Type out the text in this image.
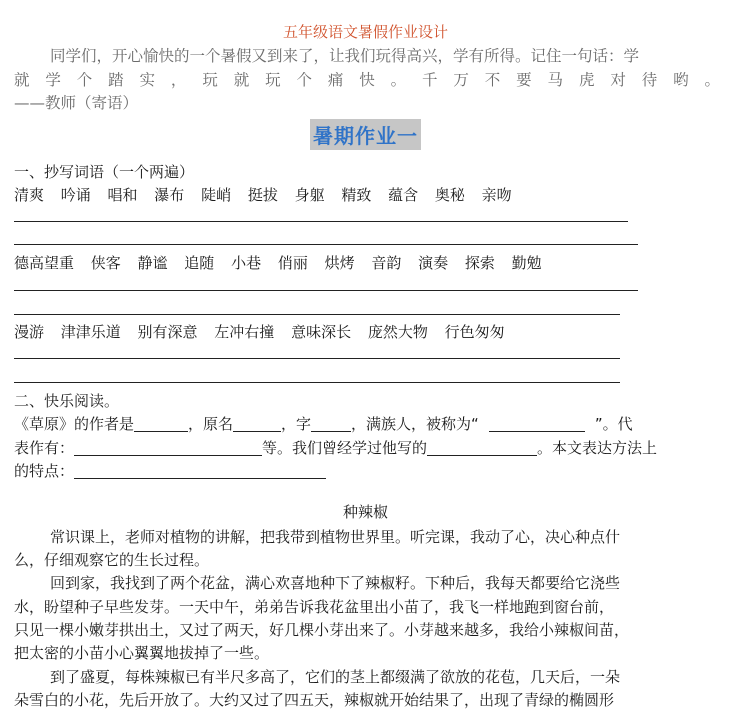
五年级语文暑假作业设计
同学们，开心愉快的一个暑假又到来了，让我们玩得高兴，学有所得。记住一句话：学
就 学 个 踏 实 ， 玩 就 玩 个 痛 快 。 千 万 不 要 马 虎 对 待 哟 。
——教师（寄语）
暑期作业一
一、抄写词语（一个两遍）
清爽 吟诵 唱和 瀑布 陡峭 挺拔 身躯 精致 蕴含 奥秘 亲吻
德高望重 侠客 静谧 追随 小巷 俏丽 烘烤 音韵 演奏 探索 勤勉
漫游 津津乐道 别有深意 左冲右撞 意味深长 庞然大物 行色匆匆
二、快乐阅读。
《草原》的作者是	，原名	，字	，满族人，被称为“	”。代
表作有：	等。我们曾经学过他写的	。本文表达方法上
的特点：
种辣椒
常识课上，老师对植物的讲解，把我带到植物世界里。听完课，我动了心，决心种点什
么，仔细观察它的生长过程。
回到家，我找到了两个花盆，满心欢喜地种下了辣椒籽。下种后，我每天都要给它浇些
水，盼望种子早些发芽。一天中午，弟弟告诉我花盆里出小苗了，我飞一样地跑到窗台前，
只见一棵小嫩芽拱出土，又过了两天，好几棵小芽出来了。小芽越来越多，我给小辣椒间苗，
把太密的小苗小心翼翼地拔掉了一些。
到了盛夏，每株辣椒已有半尺多高了，它们的茎上都缀满了欲放的花苞，几天后，一朵
朵雪白的小花，先后开放了。大约又过了四五天，辣椒就开始结果了，出现了青绿的椭圆形
